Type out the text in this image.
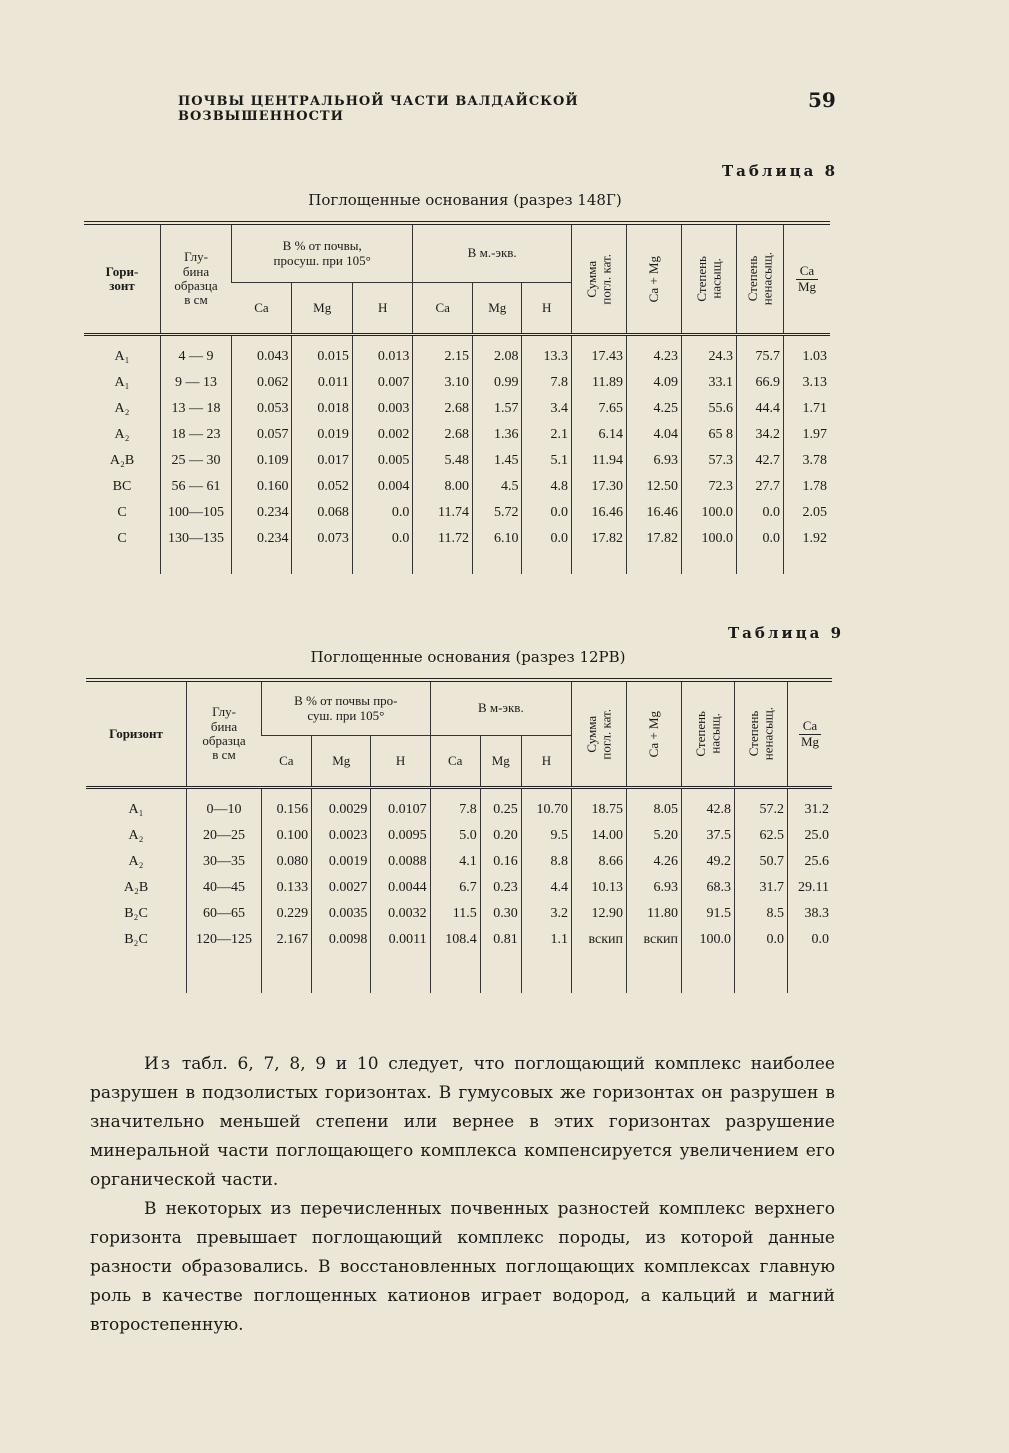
ПОЧВЫ ЦЕНТРАЛЬНОЙ ЧАСТИ ВАЛДАЙСКОЙ ВОЗВЫШЕННОСТИ
59
Таблица 8
Поглощенные основания (разрез 148Г)
Гори-
зонт	Глу-
бина
образца
в см	В % от почвы,
просуш. при 105°			В м.-экв.			Сумма
погл. кат.	Ca + Mg	Степень
насыщ.	Степень
ненасыщ.	$\frac{Ca}{Mg}$

		Ca	Mg	H	Ca	Mg	H					

A₁	4 — 9	0.043	0.015	0.013	2.15	2.08	13.3	17.43	4.23	24.3	75.7	1.03
A₁	9 — 13	0.062	0.011	0.007	3.10	0.99	7.8	11.89	4.09	33.1	66.9	3.13
A₂	13 — 18	0.053	0.018	0.003	2.68	1.57	3.4	7.65	4.25	55.6	44.4	1.71
A₂	18 — 23	0.057	0.019	0.002	2.68	1.36	2.1	6.14	4.04	65 8	34.2	1.97
A₂B	25 — 30	0.109	0.017	0.005	5.48	1.45	5.1	11.94	6.93	57.3	42.7	3.78
BC	56 — 61	0.160	0.052	0.004	8.00	4.5	4.8	17.30	12.50	72.3	27.7	1.78
C	100—105	0.234	0.068	0.0	11.74	5.72	0.0	16.46	16.46	100.0	0.0	2.05
C	130—135	0.234	0.073	0.0	11.72	6.10	0.0	17.82	17.82	100.0	0.0	1.92

Таблица 9
Поглощенные основания (разрез 12РВ)
Горизонт	Глу-
бина
образца
в см	В % от почвы про-
суш. при 105°			В м-экв.			Сумма
погл. кат.	Ca + Mg	Степень
насыщ.	Степень
ненасыщ.	$\frac{Ca}{Mg}$

		Ca	Mg	H	Ca	Mg	H					

A₁	0—10	0.156	0.0029	0.0107	7.8	0.25	10.70	18.75	8.05	42.8	57.2	31.2
A₂	20—25	0.100	0.0023	0.0095	5.0	0.20	9.5	14.00	5.20	37.5	62.5	25.0
A₂	30—35	0.080	0.0019	0.0088	4.1	0.16	8.8	8.66	4.26	49.2	50.7	25.6
A₂B	40—45	0.133	0.0027	0.0044	6.7	0.23	4.4	10.13	6.93	68.3	31.7	29.11
B₂C	60—65	0.229	0.0035	0.0032	11.5	0.30	3.2	12.90	11.80	91.5	8.5	38.3
B₂C	120—125	2.167	0.0098	0.0011	108.4	0.81	1.1	вскип	вскип	100.0	0.0	0.0

Из табл. 6, 7, 8, 9 и 10 следует, что поглощающий комплекс наиболее разрушен в подзолистых горизонтах. В гумусовых же горизонтах он разрушен в значительно меньшей степени или вернее в этих горизонтах разрушение минеральной части поглощающего комплекса компенсируется увеличением его органической части.

В некоторых из перечисленных почвенных разностей комплекс верхнего горизонта превышает поглощающий комплекс породы, из которой данные разности образовались. В восстановленных поглощающих комплексах главную роль в качестве поглощенных катионов играет водород, а кальций и магний второстепенную.
